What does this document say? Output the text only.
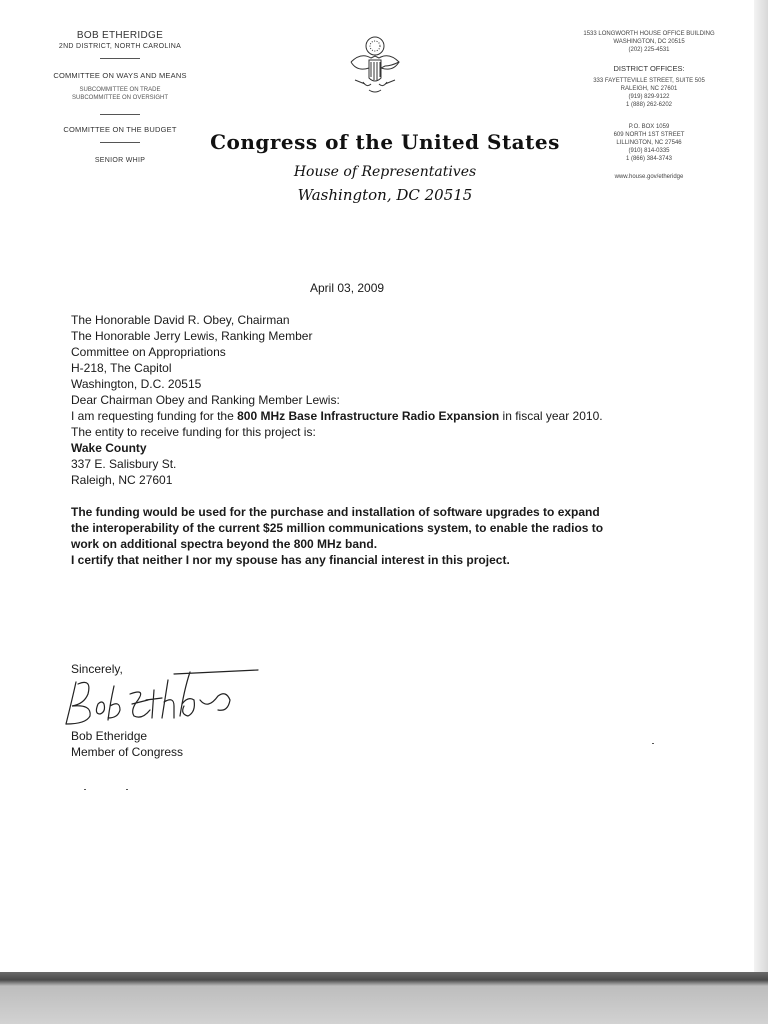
BOB ETHERIDGE
2ND DISTRICT, NORTH CAROLINA
COMMITTEE ON WAYS AND MEANS
SUBCOMMITTEE ON TRADE
SUBCOMMITTEE ON OVERSIGHT
COMMITTEE ON THE BUDGET
SENIOR WHIP
Congress of the United States
House of Representatives
Washington, DC 20515
1533 LONGWORTH HOUSE OFFICE BUILDING
WASHINGTON, DC 20515
(202) 225-4531
DISTRICT OFFICES:
333 FAYETTEVILLE STREET, SUITE 505
RALEIGH, NC 27601
(919) 829-9122
1 (888) 262-6202
P.O. BOX 1059
609 NORTH 1ST STREET
LILLINGTON, NC 27546
(910) 814-0335
1 (866) 384-3743
www.house.gov/etheridge
April 03, 2009

The Honorable David R. Obey, Chairman

The Honorable Jerry Lewis, Ranking Member

Committee on Appropriations

H-218, The Capitol

Washington, D.C. 20515

Dear Chairman Obey and Ranking Member Lewis:

I am requesting funding for the 800 MHz Base Infrastructure Radio Expansion in fiscal year 2010.

The entity to receive funding for this project is:

Wake County

337 E. Salisbury St.

Raleigh, NC 27601

The funding would be used for the purchase and installation of software upgrades to expand

the interoperability of the current $25 million communications system, to enable the radios to

work on additional spectra beyond the 800 MHz band.

I certify that neither I nor my spouse has any financial interest in this project.

Sincerely,
Bob Etheridge
Member of Congress
